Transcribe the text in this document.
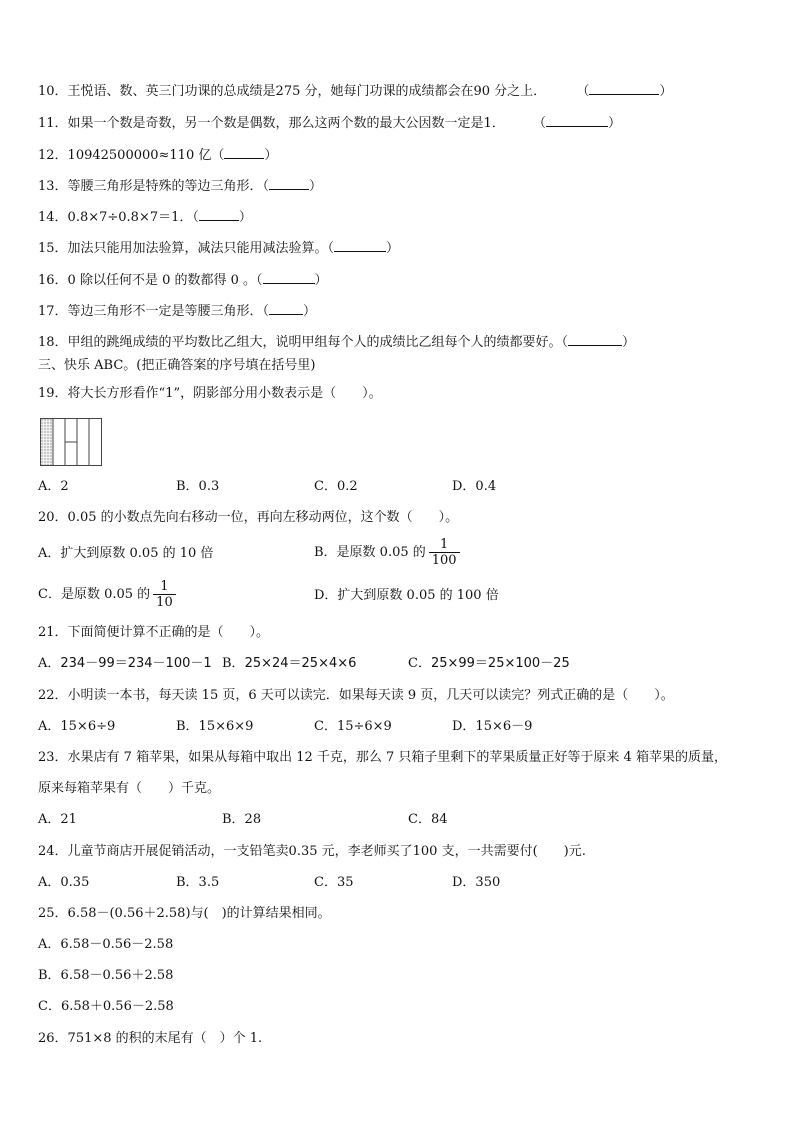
10．王悦语、数、英三门功课的总成绩是275 分，她每门功课的成绩都会在90 分之上． （	）
11．如果一个数是奇数，另一个数是偶数，那么这两个数的最大公因数一定是1． （	）
12．10942500000≈110 亿（	）
13．等腰三角形是特殊的等边三角形．（	）
14．0.8×7÷0.8×7＝1．（	）
15．加法只能用加法验算，减法只能用减法验算。（	）
16．0 除以任何不是 0 的数都得 0 。（	）
17．等边三角形不一定是等腰三角形．（	）
18．甲组的跳绳成绩的平均数比乙组大，说明甲组每个人的成绩比乙组每个人的绩都要好。（	）
三、快乐 ABC。(把正确答案的序号填在括号里)
19．将大长方形看作“1”，阴影部分用小数表示是（　　）。
A．2	B．0.3	C．0.2	D．0.4
20．0.05 的小数点先向右移动一位，再向左移动两位，这个数（　　）。
A．扩大到原数 0.05 的 10 倍	B．是原数 0.05 的 $\frac{1}{100}$
C．是原数 0.05 的 $\frac{1}{10}$	D．扩大到原数 0.05 的 100 倍
21．下面简便计算不正确的是（　　）。
A．234－99＝234－100－1 B．25×24＝25×4×6	C．25×99＝25×100－25
22．小明读一本书，每天读 15 页，6 天可以读完．如果每天读 9 页，几天可以读完？列式正确的是（　　）。
A．15×6÷9	B．15×6×9	C．15÷6×9	D．15×6－9
23．水果店有 7 箱苹果，如果从每箱中取出 12 千克，那么 7 只箱子里剩下的苹果质量正好等于原来 4 箱苹果的质量，
原来每箱苹果有（　　）千克。
A．21	B．28	C．84
24．儿童节商店开展促销活动，一支铅笔卖0.35 元，李老师买了100 支，一共需要付(　　)元.
A．0.35	B．3.5	C．35	D．350
25．6.58－(0.56＋2.58)与(　)的计算结果相同。
A．6.58－0.56－2.58
B．6.58－0.56＋2.58
C．6.58＋0.56－2.58
26．751×8 的积的末尾有（　）个 1.
